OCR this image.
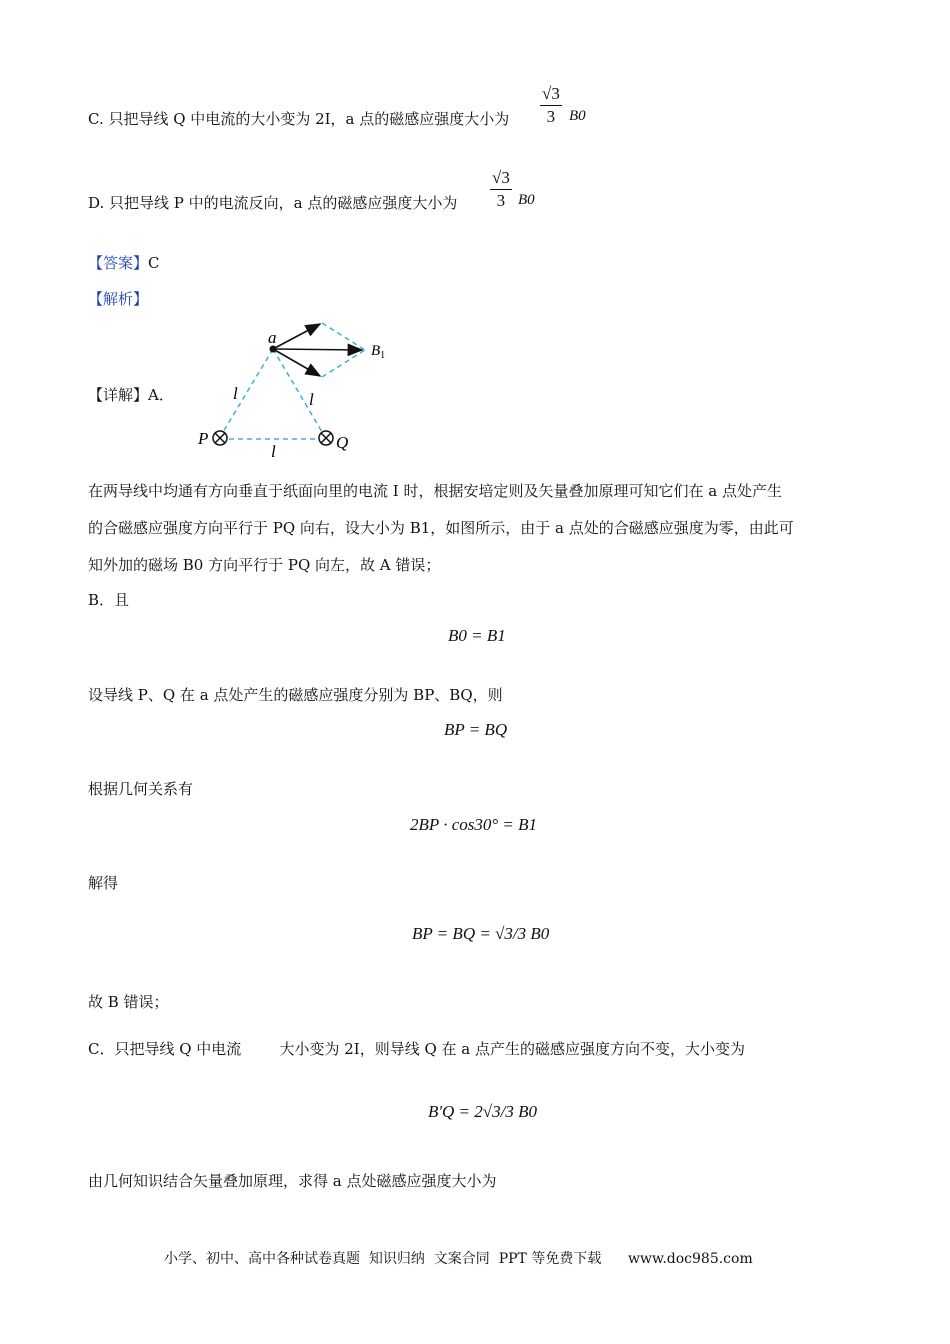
C. 只把导线 Q 中电流的大小变为 2I，a 点的磁感应强度大小为 $\frac{√3}{3} B0$
D. 只把导线 P 中的电流反向，a 点的磁感应强度大小为 $\frac{√3}{3} B0$
【答案】C
【解析】
【详解】A．
a
$B_1$
P	Q
l	l
l
在两导线中均通有方向垂直于纸面向里的电流 I 时，根据安培定则及矢量叠加原理可知它们在 a 点处产生
的合磁感应强度方向平行于 PQ 向右，设大小为 B1，如图所示，由于 a 点处的合磁感应强度为零，由此可
知外加的磁场 B0 方向平行于 PQ 向左，故 A 错误；
B．且
B0 = B1
设导线 P、Q 在 a 点处产生的磁感应强度分别为 BP、BQ，则
BP = BQ
根据几何关系有
2BP · cos30° = B1
解得
BP = BQ = √3/3 B0
故 B 错误；
C．只把导线 Q 中电流        大小变为 2I，则导线 Q 在 a 点产生的磁感应强度方向不变，大小变为
B'Q = 2√3/3 B0
由几何知识结合矢量叠加原理，求得 a 点处磁感应强度大小为
小学、初中、高中各种试卷真题  知识归纳  文案合同  PPT 等免费下载      www.doc985.com
